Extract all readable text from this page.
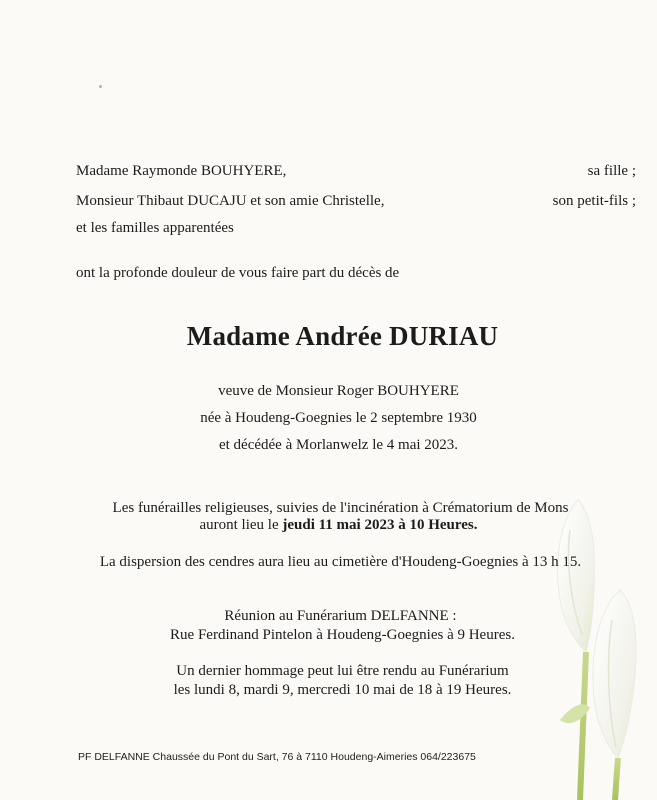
Madame Raymonde BOUHYERE,	sa fille ;
Monsieur Thibaut DUCAJU et son amie Christelle,	son petit-fils ;
et les familles apparentées
ont la profonde douleur de vous faire part du décès de
Madame Andrée DURIAU
veuve de Monsieur Roger BOUHYERE
née à Houdeng-Goegnies le 2 septembre 1930
et décédée à Morlanwelz le 4 mai 2023.
Les funérailles religieuses, suivies de l'incinération à Crématorium de Mons
auront lieu le jeudi 11 mai 2023 à 10 Heures.
La dispersion des cendres aura lieu au cimetière d'Houdeng-Goegnies à 13 h 15.
Réunion au Funérarium DELFANNE :
Rue Ferdinand Pintelon à Houdeng-Goegnies à 9 Heures.
Un dernier hommage peut lui être rendu au Funérarium
les lundi 8, mardi 9, mercredi 10 mai de 18 à 19 Heures.
PF DELFANNE Chaussée du Pont du Sart, 76 à 7110 Houdeng-Aimeries 064/223675
